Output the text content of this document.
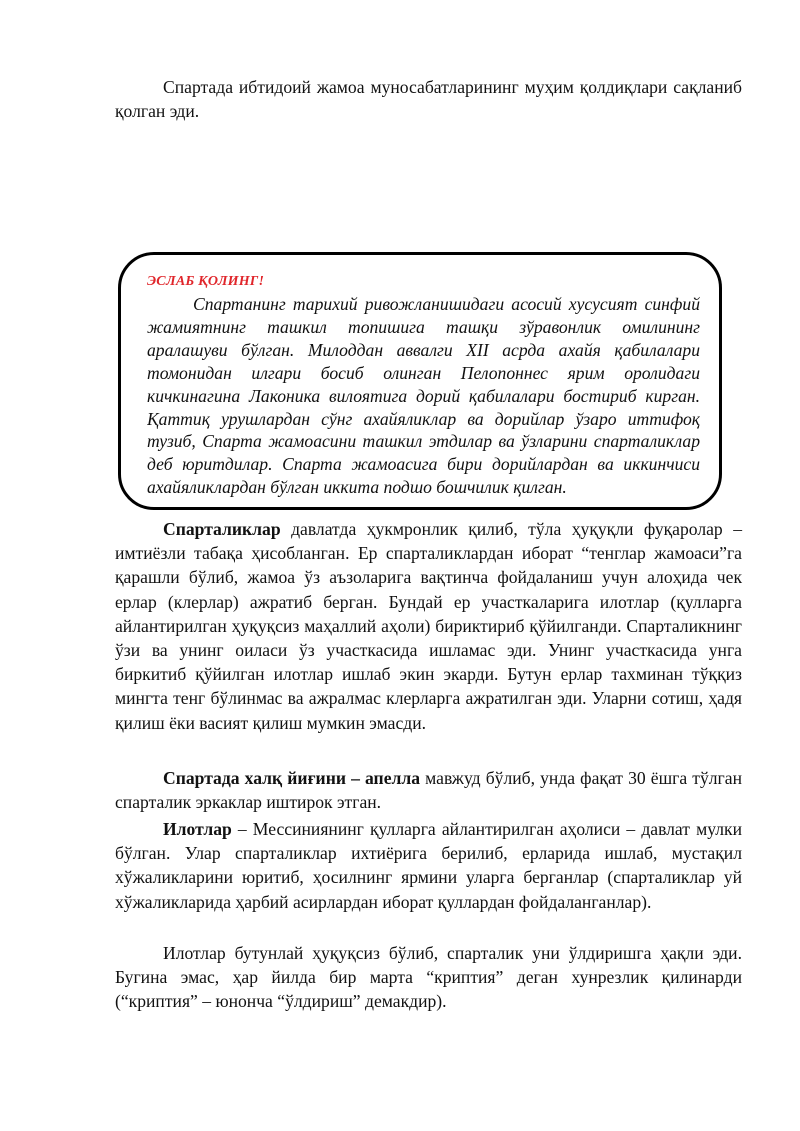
Спартада ибтидоий жамоа муносабатларининг муҳим қолдиқлари сақланиб қолган эди.

ЭСЛАБ ҚОЛИНГ!

Спартанинг тарихий ривожланишидаги асосий хусусият синфий жамиятнинг ташкил топишига ташқи зўравонлик омилининг аралашуви бўлган. Милоддан аввалги XII асрда ахайя қабилалари томонидан илгари босиб олинган Пелопоннес ярим оролидаги кичкинагина Лаконика вилоятига дорий қабилалари бостириб кирган. Қаттиқ урушлардан сўнг ахайяликлар ва дорийлар ўзаро иттифоқ тузиб, Спарта жамоасини ташкил этдилар ва ўзларини спарталиклар деб юритдилар. Спарта жамоасига бири дорийлардан ва иккинчиси ахайяликлардан бўлган иккита подшо бошчилик қилган.

Спарталиклар давлатда ҳукмронлик қилиб, тўла ҳуқуқли фуқаролар – имтиёзли табақа ҳисобланган. Ер спарталиклардан иборат “тенглар жамоаси”га қарашли бўлиб, жамоа ўз аъзоларига вақтинча фойдаланиш учун алоҳида чек ерлар (клерлар) ажратиб берган. Бундай ер участкаларига илотлар (қулларга айлантирилган ҳуқуқсиз маҳаллий аҳоли) бириктириб қўйилганди. Спарталикнинг ўзи ва унинг оиласи ўз участкасида ишламас эди. Унинг участкасида унга биркитиб қўйилган илотлар ишлаб экин экарди. Бутун ерлар тахминан тўққиз мингта тенг бўлинмас ва ажралмас клерларга ажратилган эди. Уларни сотиш, ҳадя қилиш ёки васият қилиш мумкин эмасди.

Спартада халқ йиғини – апелла мавжуд бўлиб, унда фақат 30 ёшга тўлган спарталик эркаклар иштирок этган.

Илотлар – Мессиниянинг қулларга айлантирилган аҳолиси – давлат мулки бўлган. Улар спарталиклар ихтиёрига берилиб, ерларида ишлаб, мустақил хўжаликларини юритиб, ҳосилнинг ярмини уларга берганлар (спарталиклар уй хўжаликларида ҳарбий асирлардан иборат қуллардан фойдаланганлар).

Илотлар бутунлай ҳуқуқсиз бўлиб, спарталик уни ўлдиришга ҳақли эди. Бугина эмас, ҳар йилда бир марта “криптия” деган хунрезлик қилинарди (“криптия” – юнонча “ўлдириш” демакдир).
